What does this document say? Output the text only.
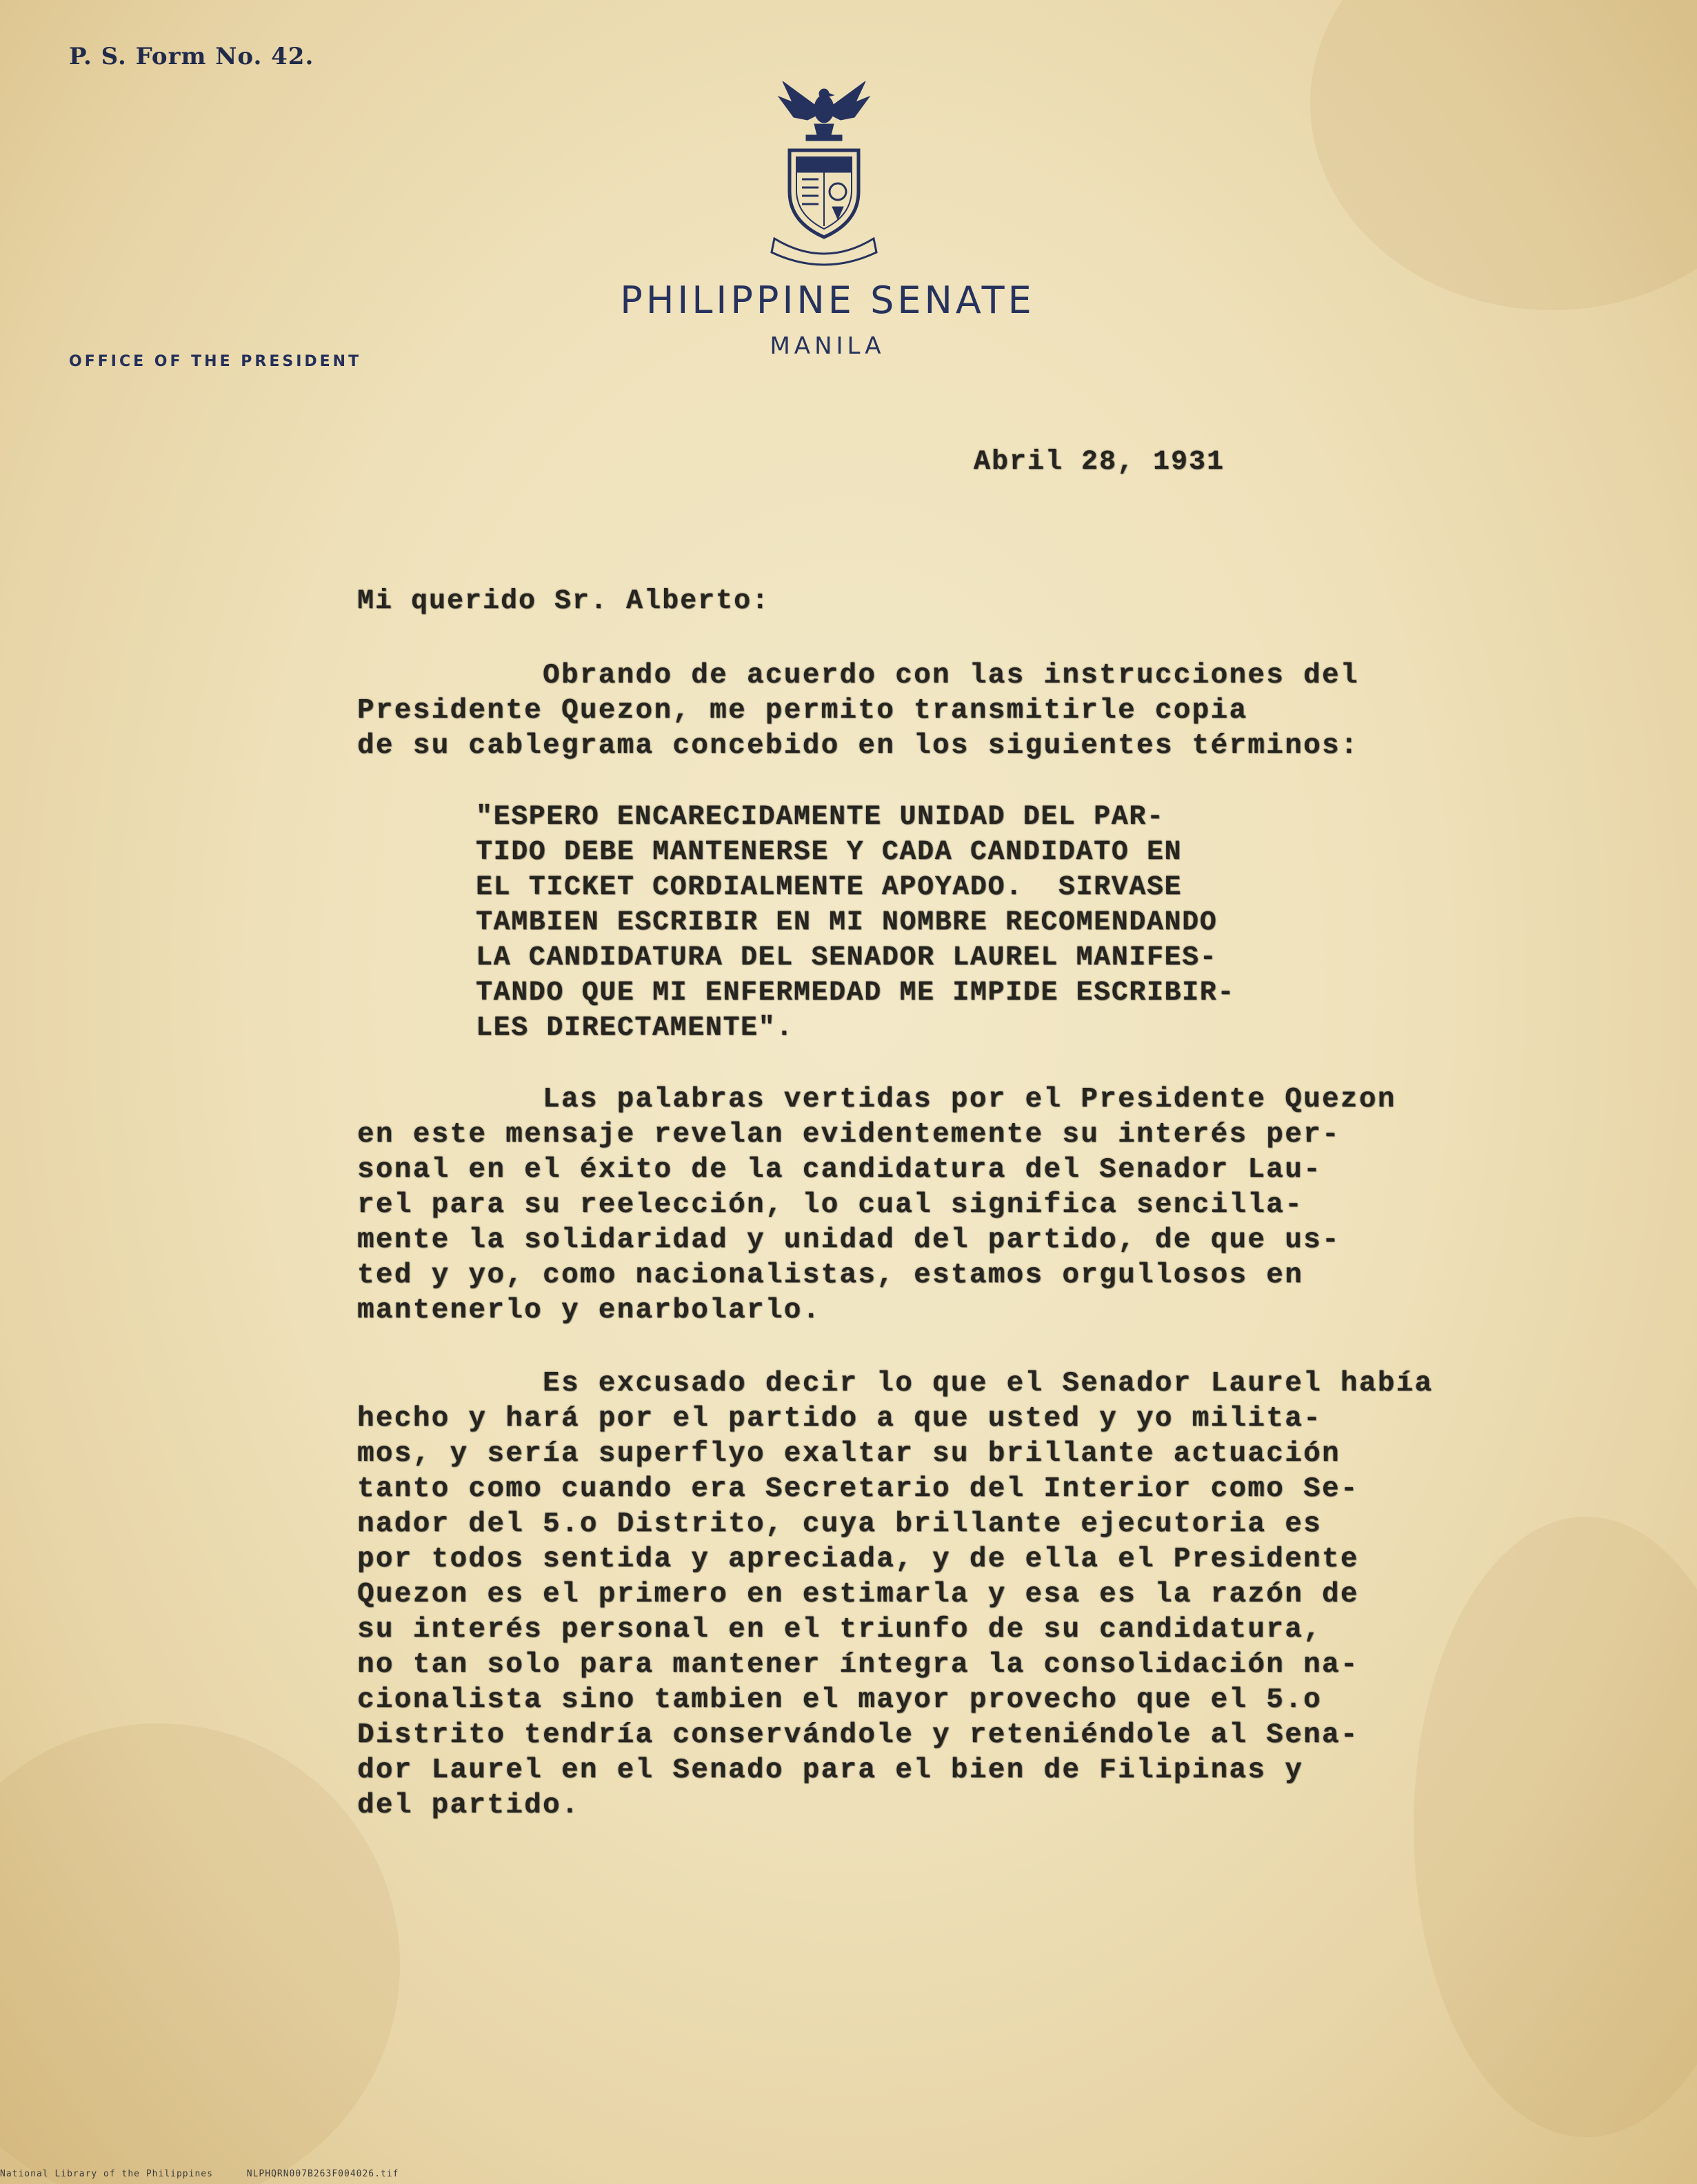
P. S. Form No. 42.
PHILIPPINE SENATE
MANILA
OFFICE OF THE PRESIDENT
Abril 28, 1931
Mi querido Sr. Alberto:
Obrando de acuerdo con las instrucciones del
Presidente Quezon, me permito transmitirle copia
de su cablegrama concebido en los siguientes términos:
"ESPERO ENCARECIDAMENTE UNIDAD DEL PAR-
TIDO DEBE MANTENERSE Y CADA CANDIDATO EN
EL TICKET CORDIALMENTE APOYADO.  SIRVASE
TAMBIEN ESCRIBIR EN MI NOMBRE RECOMENDANDO
LA CANDIDATURA DEL SENADOR LAUREL MANIFES-
TANDO QUE MI ENFERMEDAD ME IMPIDE ESCRIBIR-
LES DIRECTAMENTE".
Las palabras vertidas por el Presidente Quezon
en este mensaje revelan evidentemente su interés per-
sonal en el éxito de la candidatura del Senador Lau-
rel para su reelección, lo cual significa sencilla-
mente la solidaridad y unidad del partido, de que us-
ted y yo, como nacionalistas, estamos orgullosos en
mantenerlo y enarbolarlo.
Es excusado decir lo que el Senador Laurel había
hecho y hará por el partido a que usted y yo milita-
mos, y sería superflyo exaltar su brillante actuación
tanto como cuando era Secretario del Interior como Se-
nador del 5.o Distrito, cuya brillante ejecutoria es
por todos sentida y apreciada, y de ella el Presidente
Quezon es el primero en estimarla y esa es la razón de
su interés personal en el triunfo de su candidatura,
no tan solo para mantener íntegra la consolidación na-
cionalista sino tambien el mayor provecho que el 5.o
Distrito tendría conservándole y reteniéndole al Sena-
dor Laurel en el Senado para el bien de Filipinas y
del partido.
National Library of the Philippines	NLPHQRN007B263F004026.tif
